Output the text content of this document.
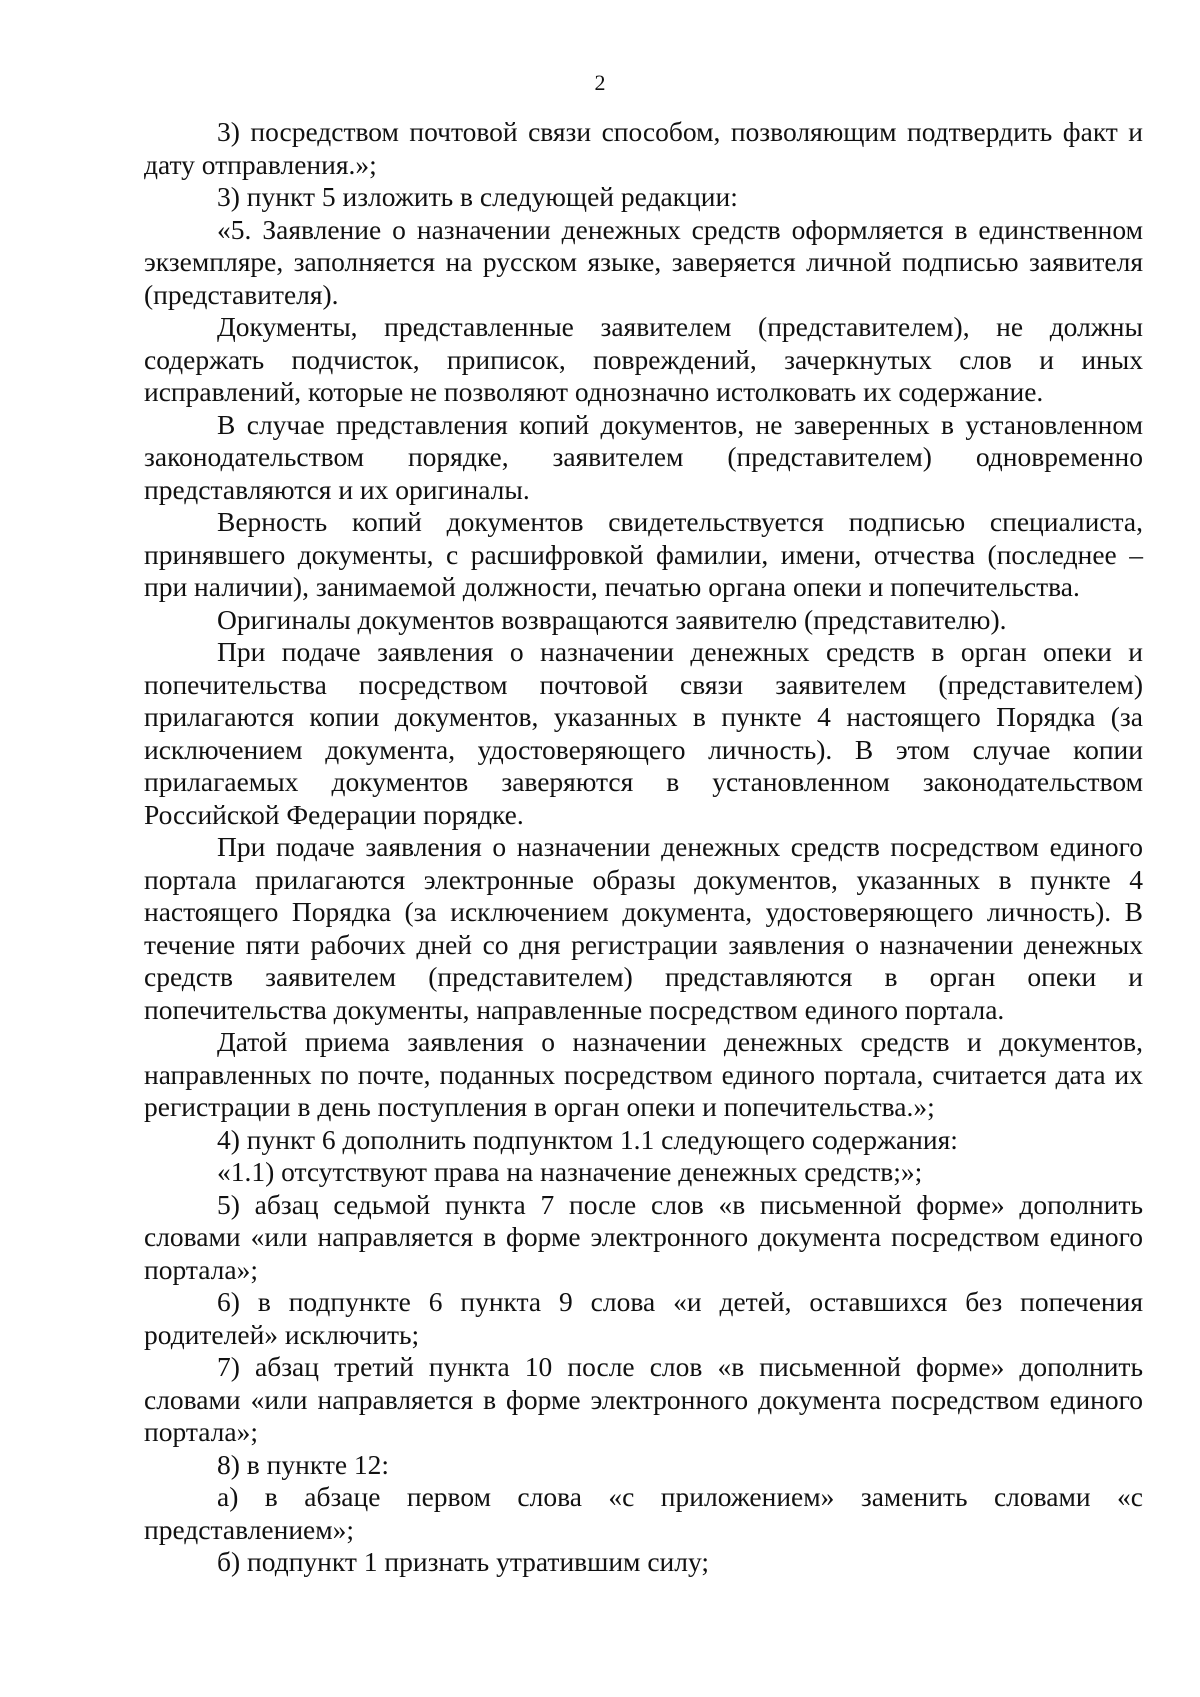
2

3) посредством почтовой связи способом, позволяющим подтвердить факт и дату отправления.»;

3) пункт 5 изложить в следующей редакции:

«5. Заявление о назначении денежных средств оформляется в единственном экземпляре, заполняется на русском языке, заверяется личной подписью заявителя (представителя).

Документы, представленные заявителем (представителем), не должны содержать подчисток, приписок, повреждений, зачеркнутых слов и иных исправлений, которые не позволяют однозначно истолковать их содержание.

В случае представления копий документов, не заверенных в установленном законодательством порядке, заявителем (представителем) одновременно представляются и их оригиналы.

Верность копий документов свидетельствуется подписью специалиста, принявшего документы, с расшифровкой фамилии, имени, отчества (последнее – при наличии), занимаемой должности, печатью органа опеки и попечительства.

Оригиналы документов возвращаются заявителю (представителю).

При подаче заявления о назначении денежных средств в орган опеки и попечительства посредством почтовой связи заявителем (представителем) прилагаются копии документов, указанных в пункте 4 настоящего Порядка (за исключением документа, удостоверяющего личность). В этом случае копии прилагаемых документов заверяются в установленном законодательством Российской Федерации порядке.

При подаче заявления о назначении денежных средств посредством единого портала прилагаются электронные образы документов, указанных в пункте 4 настоящего Порядка (за исключением документа, удостоверяющего личность). В течение пяти рабочих дней со дня регистрации заявления о назначении денежных средств заявителем (представителем) представляются в орган опеки и попечительства документы, направленные посредством единого портала.

Датой приема заявления о назначении денежных средств и документов, направленных по почте, поданных посредством единого портала, считается дата их регистрации в день поступления в орган опеки и попечительства.»;

4) пункт 6 дополнить подпунктом 1.1 следующего содержания:

«1.1) отсутствуют права на назначение денежных средств;»;

5) абзац седьмой пункта 7 после слов «в письменной форме» дополнить словами «или направляется в форме электронного документа посредством единого портала»;

6) в подпункте 6 пункта 9 слова «и детей, оставшихся без попечения родителей» исключить;

7) абзац третий пункта 10 после слов «в письменной форме» дополнить словами «или направляется в форме электронного документа посредством единого портала»;

8) в пункте 12:

а) в абзаце первом слова «с приложением» заменить словами «с представлением»;

б) подпункт 1 признать утратившим силу;
